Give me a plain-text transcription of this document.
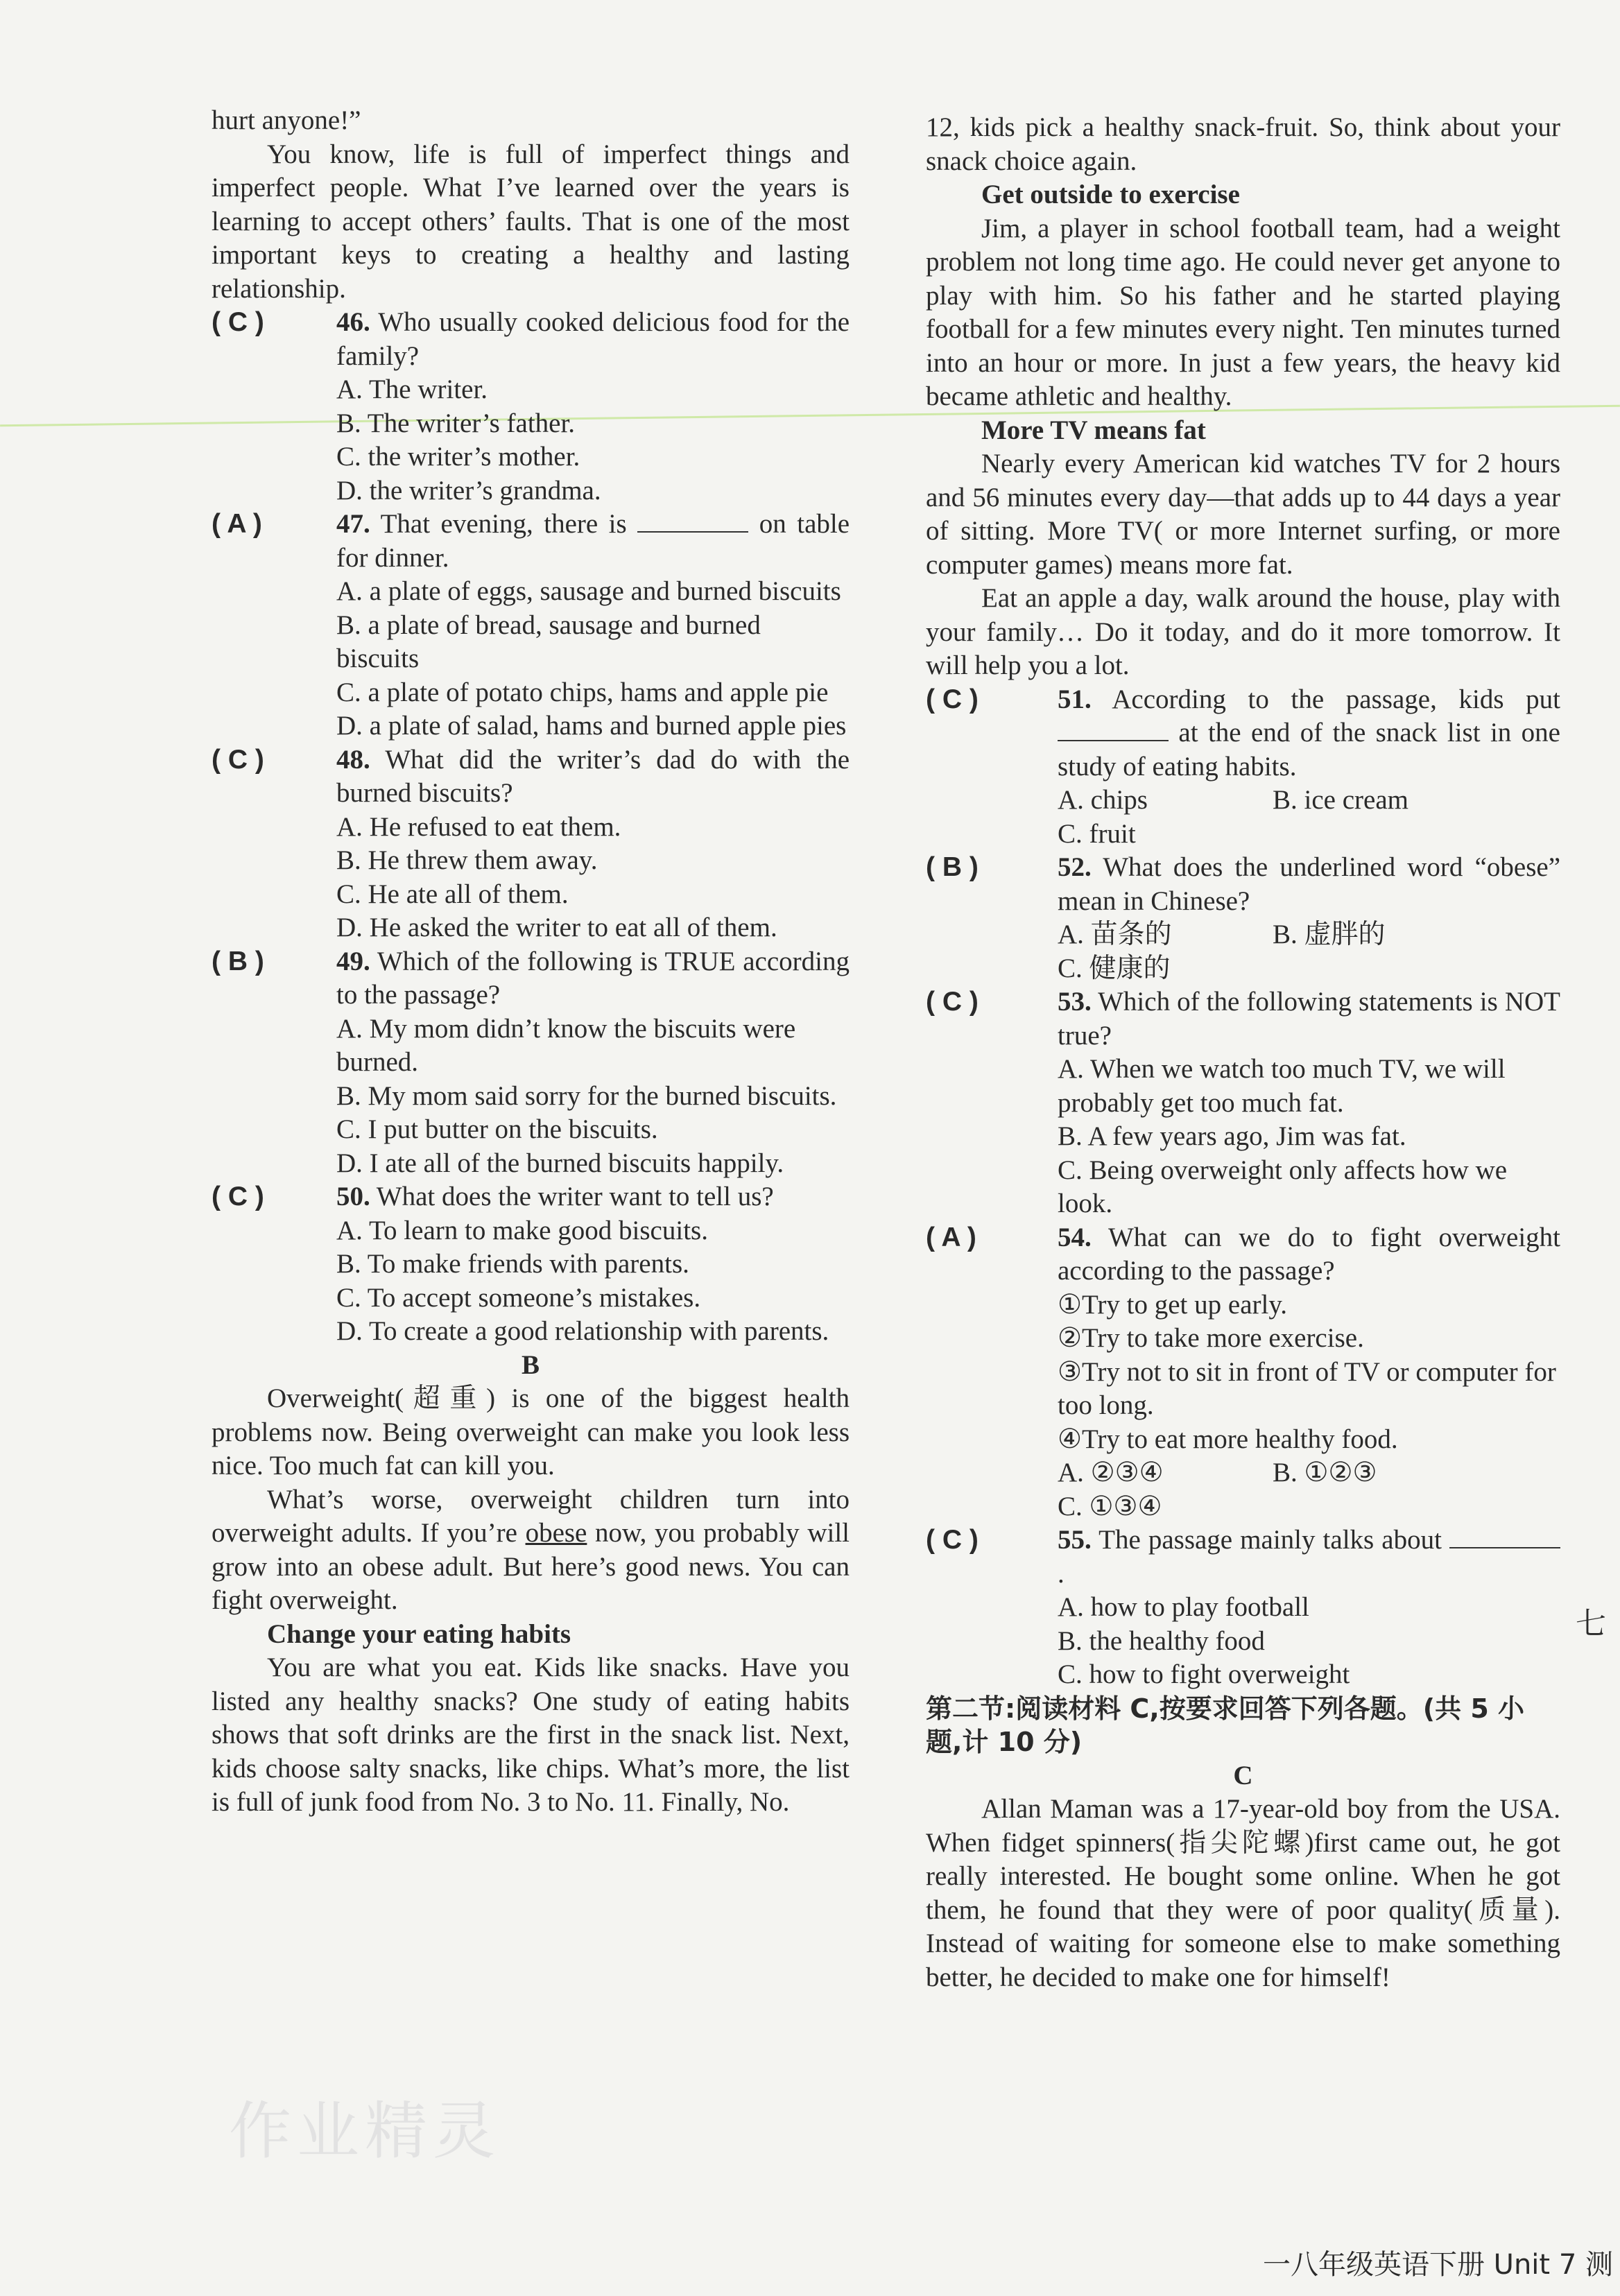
hurt anyone!”

You know, life is full of imperfect things and imperfect people. What I’ve learned over the years is learning to accept others’ faults. That is one of the most important keys to creating a healthy and lasting relationship.

( C )	46. Who usually cooked delicious food for the family?
A. The writer.
B. The writer’s father.
C. the writer’s mother.
D. the writer’s grandma.
( A )	47. That evening, there is	on table for dinner.
A. a plate of eggs, sausage and burned biscuits
B. a plate of bread, sausage and burned biscuits
C. a plate of potato chips, hams and apple pie
D. a plate of salad, hams and burned apple pies
( C )	48. What did the writer’s dad do with the burned biscuits?
A. He refused to eat them.
B. He threw them away.
C. He ate all of them.
D. He asked the writer to eat all of them.
( B )	49. Which of the following is TRUE according to the passage?
A. My mom didn’t know the biscuits were burned.
B. My mom said sorry for the burned biscuits.
C. I put butter on the biscuits.
D. I ate all of the burned biscuits happily.
( C )	50. What does the writer want to tell us?
A. To learn to make good biscuits.
B. To make friends with parents.
C. To accept someone’s mistakes.
D. To create a good relationship with parents.

B

Overweight(超重) is one of the biggest health problems now. Being overweight can make you look less nice. Too much fat can kill you.

What’s worse, overweight children turn into overweight adults. If you’re obese now, you probably will grow into an obese adult. But here’s good news. You can fight overweight.

Change your eating habits

You are what you eat. Kids like snacks. Have you listed any healthy snacks? One study of eating habits shows that soft drinks are the first in the snack list. Next, kids choose salty snacks, like chips. What’s more, the list is full of junk food from No. 3 to No. 11. Finally, No.

12, kids pick a healthy snack-fruit. So, think about your snack choice again.

Get outside to exercise

Jim, a player in school football team, had a weight problem not long time ago. He could never get anyone to play with him. So his father and he started playing football for a few minutes every night. Ten minutes turned into an hour or more. In just a few years, the heavy kid became athletic and healthy.

More TV means fat

Nearly every American kid watches TV for 2 hours and 56 minutes every day—that adds up to 44 days a year of sitting. More TV( or more Internet surfing, or more computer games) means more fat.

Eat an apple a day, walk around the house, play with your family… Do it today, and do it more tomorrow. It will help you a lot.

( C )	51. According to the passage, kids put  at the end of the snack list in one study of eating habits.
A. chips	B. ice cream
C. fruit
( B )	52. What does the underlined word “obese” mean in Chinese?
A. 苗条的	B. 虚胖的
C. 健康的
( C )	53. Which of the following statements is NOT true?
A. When we watch too much TV, we will probably get too much fat.
B. A few years ago, Jim was fat.
C. Being overweight only affects how we look.
( A )	54. What can we do to fight overweight according to the passage?
①Try to get up early.
②Try to take more exercise.
③Try not to sit in front of TV or computer for too long.
④Try to eat more healthy food.
A. ②③④	B. ①②③
C. ①③④
( C )	55. The passage mainly talks about .
A. how to play football
B. the healthy food
C. how to fight overweight

第二节:阅读材料 C,按要求回答下列各题。(共 5 小题,计 10 分)

C

Allan Maman was a 17-year-old boy from the USA. When fidget spinners(指尖陀螺)first came out, he got really interested. He bought some online. When he got them, he found that they were of poor quality(质量). Instead of waiting for someone else to make something better, he decided to make one for himself!

七
作业精灵
一八年级英语下册 Unit 7 测
